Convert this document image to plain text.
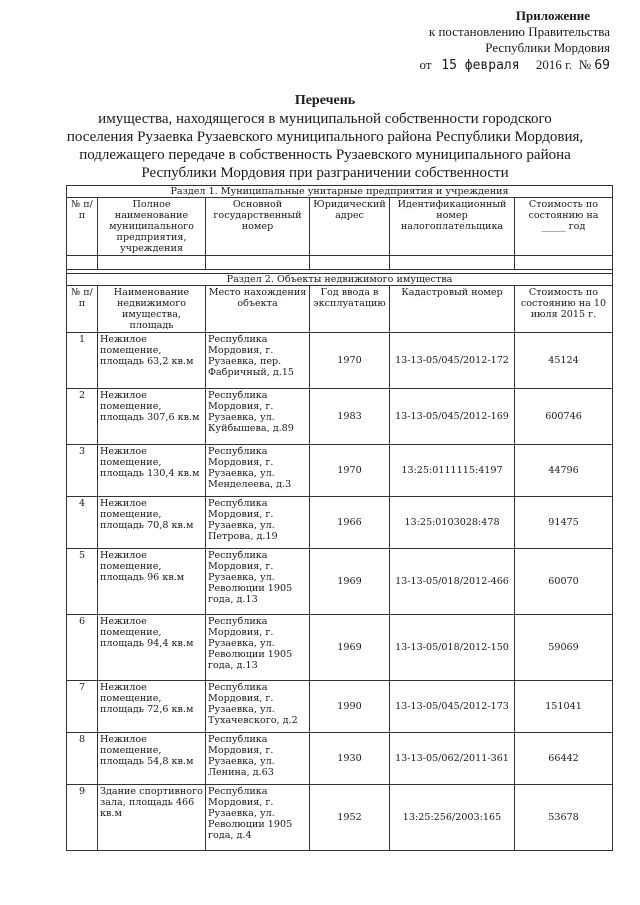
Приложение
к постановлению Правительства
Республики Мордовия
от 15 февраля 2016 г. № 69
Перечень
имущества, находящегося в муниципальной собственности городского
поселения Рузаевка Рузаевского муниципального района Республики Мордовия,
подлежащего передаче в собственность Рузаевского муниципального района
Республики Мордовия при разграничении собственности
Раздел 1. Муниципальные унитарные предприятия и учреждения					
№ п/п	Полное наименование муниципального предприятия, учреждения	Основной государственный номер	Юридический адрес	Идентификационный номер налогоплательщика	Стоимость по состоянию на _____ год

Раздел 2. Объекты недвижимого имущества					
№ п/п	Наименование недвижимого имущества, площадь	Место нахождения объекта	Год ввода в эксплуатацию	Кадастровый номер	Стоимость по состоянию на 10 июля 2015 г.
1	Нежилое помещение, площадь 63,2 кв.м	Республика Мордовия, г. Рузаевка, пер. Фабричный, д.15	1970	13-13-05/045/2012-172	45124
2	Нежилое помещение, площадь 307,6 кв.м	Республика Мордовия, г. Рузаевка, ул. Куйбышева, д.89	1983	13-13-05/045/2012-169	600746
3	Нежилое помещение, площадь 130,4 кв.м	Республика Мордовия, г. Рузаевка, ул. Менделеева, д.3	1970	13:25:0111115:4197	44796
4	Нежилое помещение, площадь 70,8 кв.м	Республика Мордовия, г. Рузаевка, ул. Петрова, д.19	1966	13:25:0103028:478	91475
5	Нежилое помещение, площадь 96 кв.м	Республика Мордовия, г. Рузаевка, ул. Революции 1905 года, д.13	1969	13-13-05/018/2012-466	60070
6	Нежилое помещение, площадь 94,4 кв.м	Республика Мордовия, г. Рузаевка, ул. Революции 1905 года, д.13	1969	13-13-05/018/2012-150	59069
7	Нежилое помещение, площадь 72,6 кв.м	Республика Мордовия, г. Рузаевка, ул. Тухачевского, д.2	1990	13-13-05/045/2012-173	151041
8	Нежилое помещение, площадь 54,8 кв.м	Республика Мордовия, г. Рузаевка, ул. Ленина, д.63	1930	13-13-05/062/2011-361	66442
9	Здание спортивного зала, площадь 466 кв.м	Республика Мордовия, г. Рузаевка, ул. Революции 1905 года, д.4	1952	13:25:256/2003:165	53678
